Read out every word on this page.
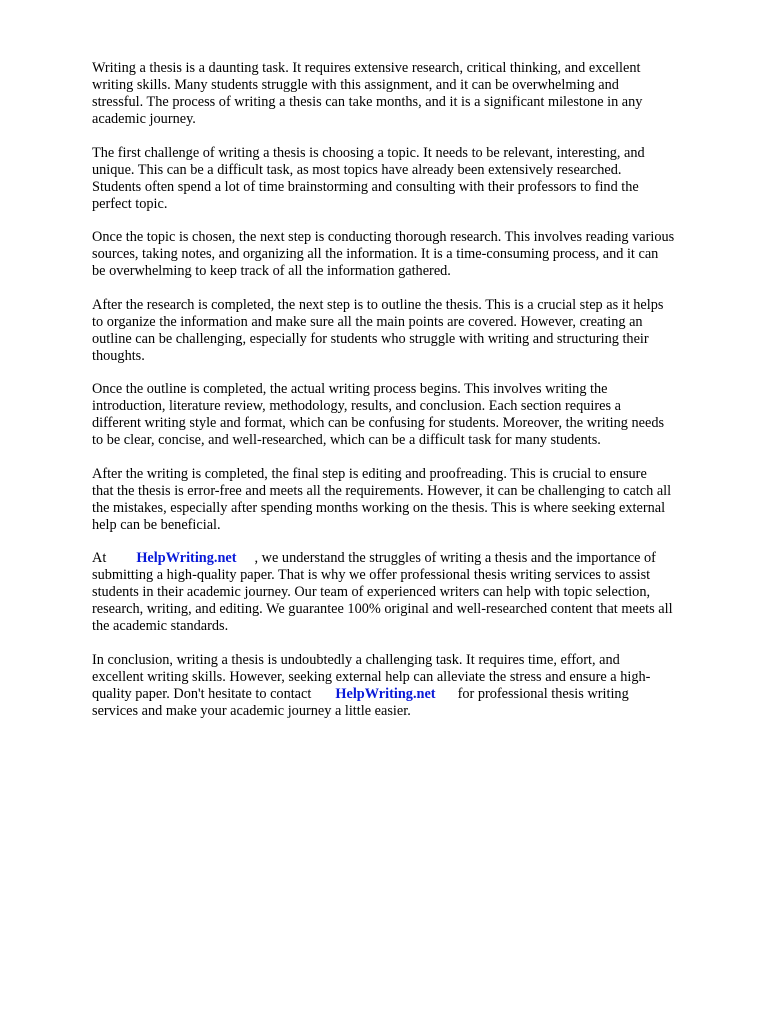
Writing a thesis is a daunting task. It requires extensive research, critical thinking, and excellent
writing skills. Many students struggle with this assignment, and it can be overwhelming and
stressful. The process of writing a thesis can take months, and it is a significant milestone in any
academic journey.

The first challenge of writing a thesis is choosing a topic. It needs to be relevant, interesting, and
unique. This can be a difficult task, as most topics have already been extensively researched.
Students often spend a lot of time brainstorming and consulting with their professors to find the
perfect topic.

Once the topic is chosen, the next step is conducting thorough research. This involves reading various
sources, taking notes, and organizing all the information. It is a time-consuming process, and it can
be overwhelming to keep track of all the information gathered.

After the research is completed, the next step is to outline the thesis. This is a crucial step as it helps
to organize the information and make sure all the main points are covered. However, creating an
outline can be challenging, especially for students who struggle with writing and structuring their
thoughts.

Once the outline is completed, the actual writing process begins. This involves writing the
introduction, literature review, methodology, results, and conclusion. Each section requires a
different writing style and format, which can be confusing for students. Moreover, the writing needs
to be clear, concise, and well-researched, which can be a difficult task for many students.

After the writing is completed, the final step is editing and proofreading. This is crucial to ensure
that the thesis is error-free and meets all the requirements. However, it can be challenging to catch all
the mistakes, especially after spending months working on the thesis. This is where seeking external
help can be beneficial.

At HelpWriting.net , we understand the struggles of writing a thesis and the importance of
submitting a high-quality paper. That is why we offer professional thesis writing services to assist
students in their academic journey. Our team of experienced writers can help with topic selection,
research, writing, and editing. We guarantee 100% original and well-researched content that meets all
the academic standards.

In conclusion, writing a thesis is undoubtedly a challenging task. It requires time, effort, and
excellent writing skills. However, seeking external help can alleviate the stress and ensure a high-
quality paper. Don't hesitate to contact HelpWriting.net for professional thesis writing
services and make your academic journey a little easier.
